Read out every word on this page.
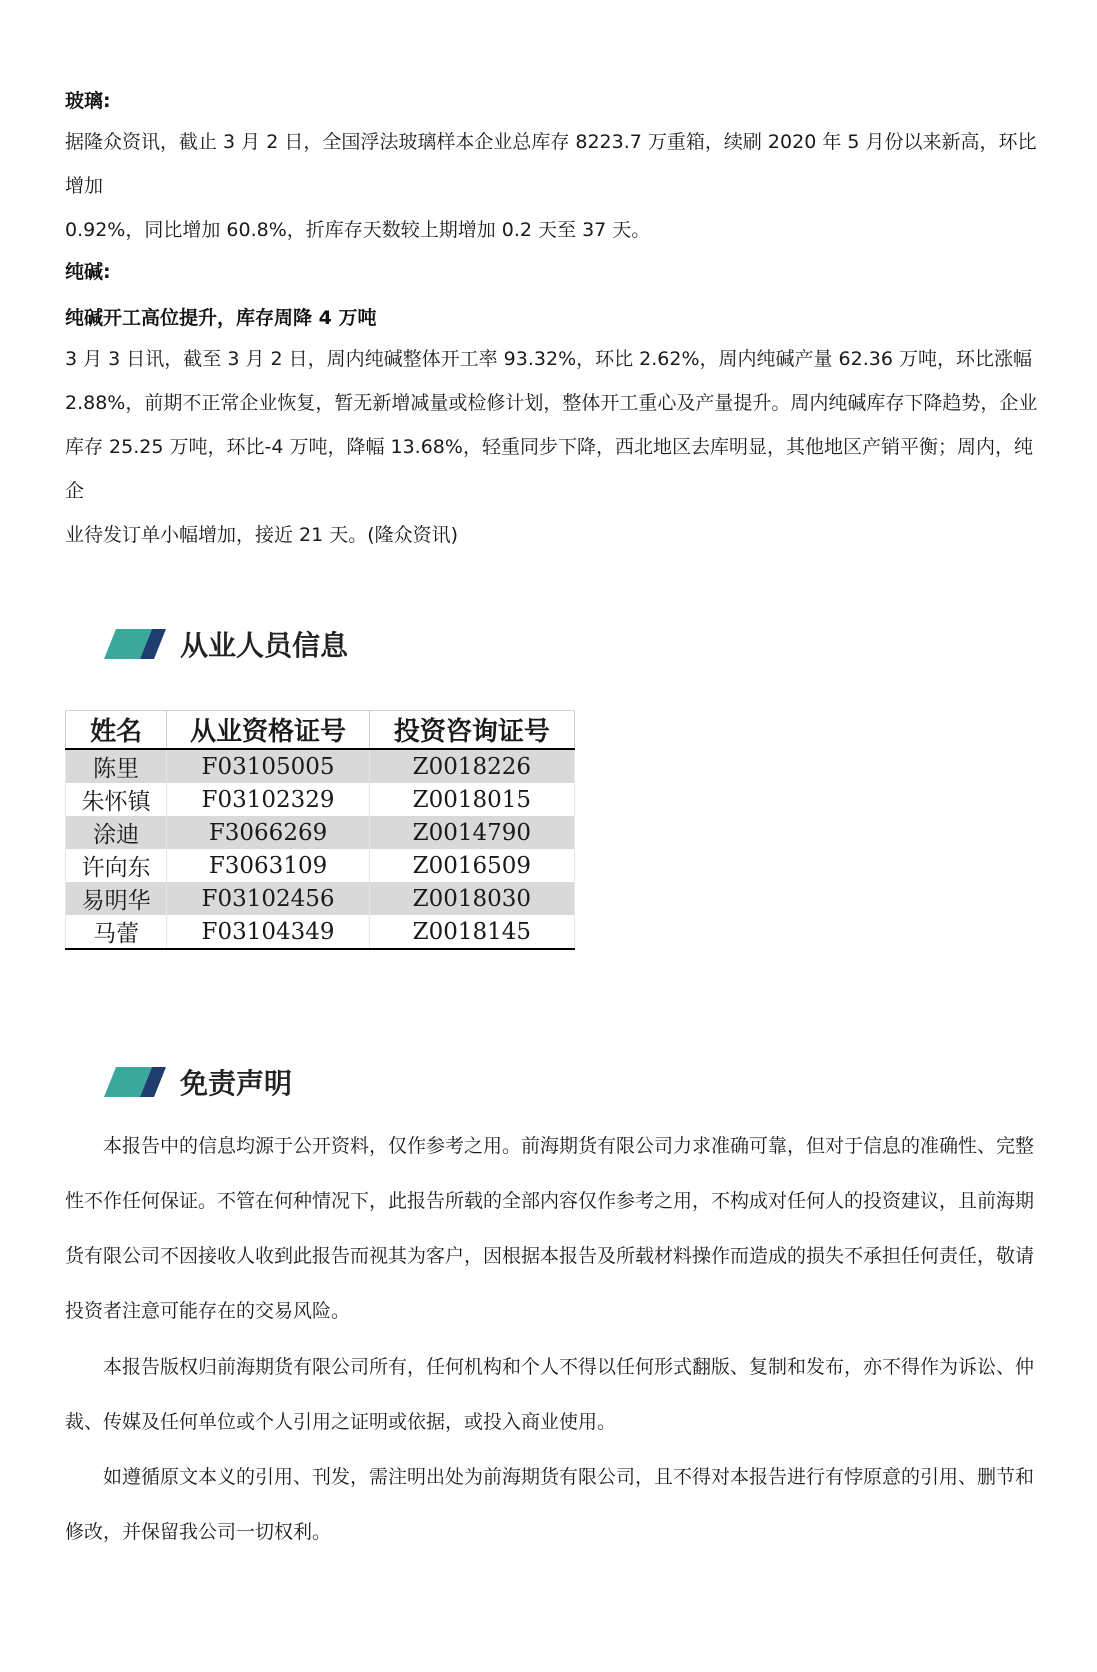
玻璃:
据隆众资讯，截止 3 月 2 日，全国浮法玻璃样本企业总库存 8223.7 万重箱，续刷 2020 年 5 月份以来新高，环比增加
0.92%，同比增加 60.8%，折库存天数较上期增加 0.2 天至 37 天。
纯碱:
纯碱开工高位提升，库存周降 4 万吨
3 月 3 日讯，截至 3 月 2 日，周内纯碱整体开工率 93.32%，环比 2.62%，周内纯碱产量 62.36 万吨，环比涨幅
2.88%，前期不正常企业恢复，暂无新增减量或检修计划，整体开工重心及产量提升。周内纯碱库存下降趋势，企业
库存 25.25 万吨，环比-4 万吨，降幅 13.68%，轻重同步下降，西北地区去库明显，其他地区产销平衡；周内，纯企
业待发订单小幅增加，接近 21 天。(隆众资讯)
从业人员信息
姓名	从业资格证号	投资咨询证号
陈里	F03105005	Z0018226
朱怀镇	F03102329	Z0018015
涂迪	F3066269	Z0014790
许向东	F3063109	Z0016509
易明华	F03102456	Z0018030
马蕾	F03104349	Z0018145
免责声明
本报告中的信息均源于公开资料，仅作参考之用。前海期货有限公司力求准确可靠，但对于信息的准确性、完整
性不作任何保证。不管在何种情况下，此报告所载的全部内容仅作参考之用，不构成对任何人的投资建议，且前海期
货有限公司不因接收人收到此报告而视其为客户，因根据本报告及所载材料操作而造成的损失不承担任何责任，敬请
投资者注意可能存在的交易风险。
本报告版权归前海期货有限公司所有，任何机构和个人不得以任何形式翻版、复制和发布，亦不得作为诉讼、仲
裁、传媒及任何单位或个人引用之证明或依据，或投入商业使用。
如遵循原文本义的引用、刊发，需注明出处为前海期货有限公司，且不得对本报告进行有悖原意的引用、删节和
修改，并保留我公司一切权利。
